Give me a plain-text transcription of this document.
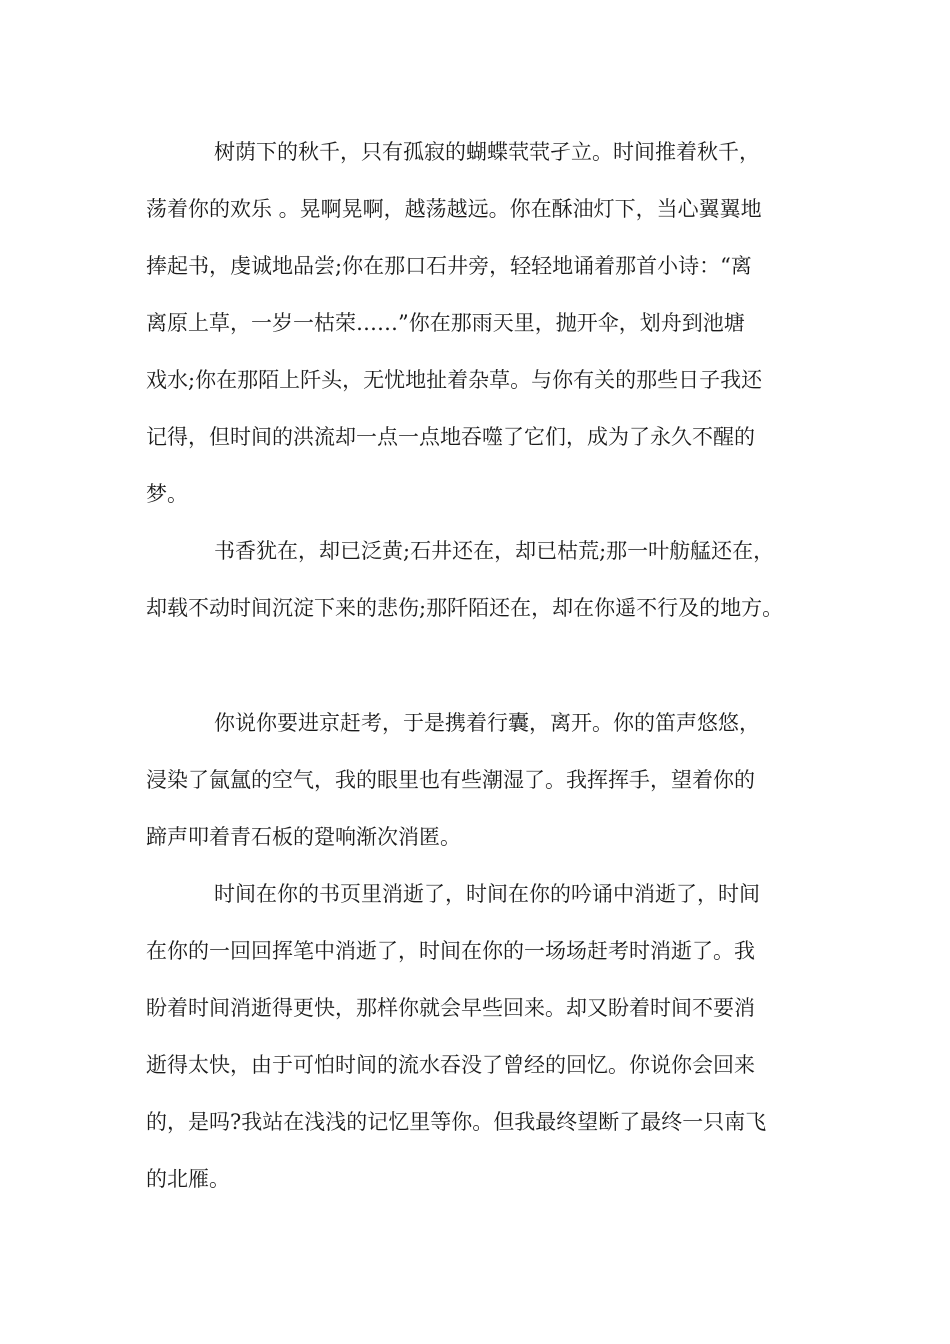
树荫下的秋千，只有孤寂的蝴蝶茕茕孑立。时间推着秋千，
荡着你的欢乐 。晃啊晃啊，越荡越远。你在酥油灯下，当心翼翼地
捧起书，虔诚地品尝;你在那口石井旁，轻轻地诵着那首小诗：“离
离原上草，一岁一枯荣……”你在那雨天里，抛开伞，划舟到池塘
戏水;你在那陌上阡头，无忧地扯着杂草。与你有关的那些日子我还
记得，但时间的洪流却一点一点地吞噬了它们，成为了永久不醒的
梦。

书香犹在，却已泛黄;石井还在，却已枯荒;那一叶舫艋还在，
却载不动时间沉淀下来的悲伤;那阡陌还在，却在你遥不行及的地方。

你说你要进京赶考，于是携着行囊，离开。你的笛声悠悠，
浸染了氤氲的空气，我的眼里也有些潮湿了。我挥挥手，望着你的
蹄声叩着青石板的跫响渐次消匿。

时间在你的书页里消逝了，时间在你的吟诵中消逝了，时间
在你的一回回挥笔中消逝了，时间在你的一场场赶考时消逝了。我
盼着时间消逝得更快，那样你就会早些回来。却又盼着时间不要消
逝得太快，由于可怕时间的流水吞没了曾经的回忆。你说你会回来
的，是吗?我站在浅浅的记忆里等你。但我最终望断了最终一只南飞
的北雁。
